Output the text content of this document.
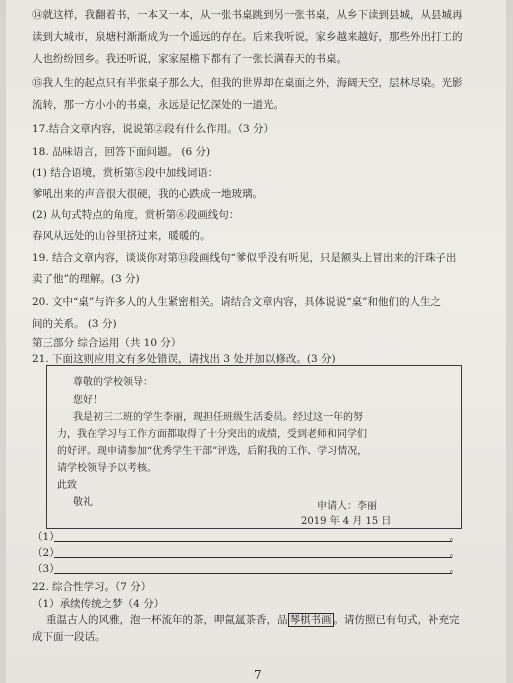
⑭就这样，我翻着书，一本又一本，从一张书桌跳到另一张书桌，从乡下读到县城，从县城再
读到大城市，泉塘村渐渐成为一个遥远的存在。后来我听说，家乡越来越好，那些外出打工的
人也纷纷回乡。我还听说，家家屋檐下都有了一张长满春天的书桌。
⑮我人生的起点只有半张桌子那么大，但我的世界却在桌面之外，海阔天空，层林尽染。光影
流转，那一方小小的书桌，永远是记忆深处的一道光。
17.结合文章内容，说说第②段有什么作用。（3 分）
18. 品味语言，回答下面问题。 (6 分)
(1) 结合语境，赏析第⑤段中加线词语：
爹吼出来的声音很大很硬，我的心跌成一地玻璃。
(2) 从句式特点的角度，赏析第⑥段画线句：
春风从远处的山谷里挤过来，暖暖的。
19. 结合文章内容，谈谈你对第⑬段画线句“爹似乎没有听见，只是额头上冒出来的汗珠子出
卖了他”的理解。(3 分)
20. 文中“桌”与许多人的人生紧密相关。请结合文章内容，具体说说“桌”和他们的人生之
间的关系。 (3 分)
第三部分 综合运用（共 10 分）
21. 下面这则应用文有多处错误，请找出 3 处并加以修改。(3 分)
尊敬的学校领导：
您好！
我是初三二班的学生李丽，现担任班级生活委员。经过这一年的努
力，我在学习与工作方面都取得了十分突出的成绩，受到老师和同学们
的好评。现申请参加“优秀学生干部”评选，后附我的工作、学习情况，
请学校领导予以考核。
此致
敬礼	申请人：李丽
2019 年 4 月 15 日
（1）	。
（2）	。
（3）	。
22. 综合性学习。（7 分）
（1）承续传统之梦（4 分）
重温古人的风雅，泡一杯流年的茶，呷氤氲茶香，品 琴棋书画 。请仿照已有句式，补充完
成下面一段话。
7
